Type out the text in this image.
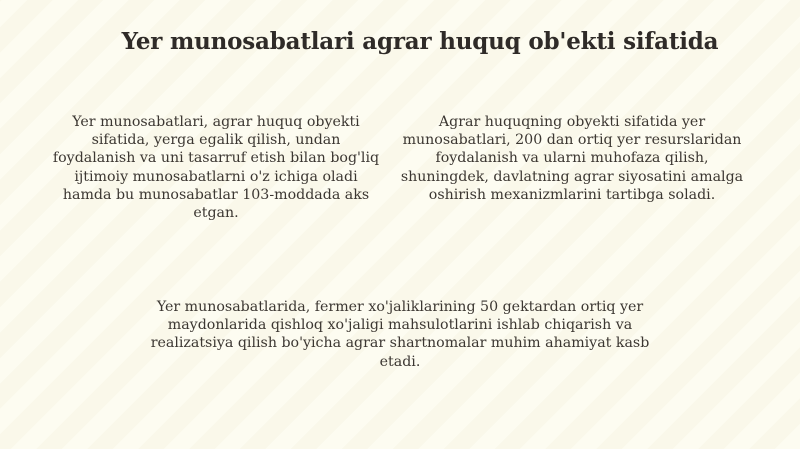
Yer munosabatlari agrar huquq ob'ekti sifatida
Yer munosabatlari, agrar huquq obyekti sifatida, yerga egalik qilish, undan foydalanish va uni tasarruf etish bilan bog'liq ijtimoiy munosabatlarni o'z ichiga oladi hamda bu munosabatlar 103-moddada aks etgan.
Agrar huquqning obyekti sifatida yer munosabatlari, 200 dan ortiq yer resurslaridan foydalanish va ularni muhofaza qilish, shuningdek, davlatning agrar siyosatini amalga oshirish mexanizmlarini tartibga soladi.
Yer munosabatlarida, fermer xo'jaliklarining 50 gektardan ortiq yer maydonlarida qishloq xo'jaligi mahsulotlarini ishlab chiqarish va realizatsiya qilish bo'yicha agrar shartnomalar muhim ahamiyat kasb etadi.
